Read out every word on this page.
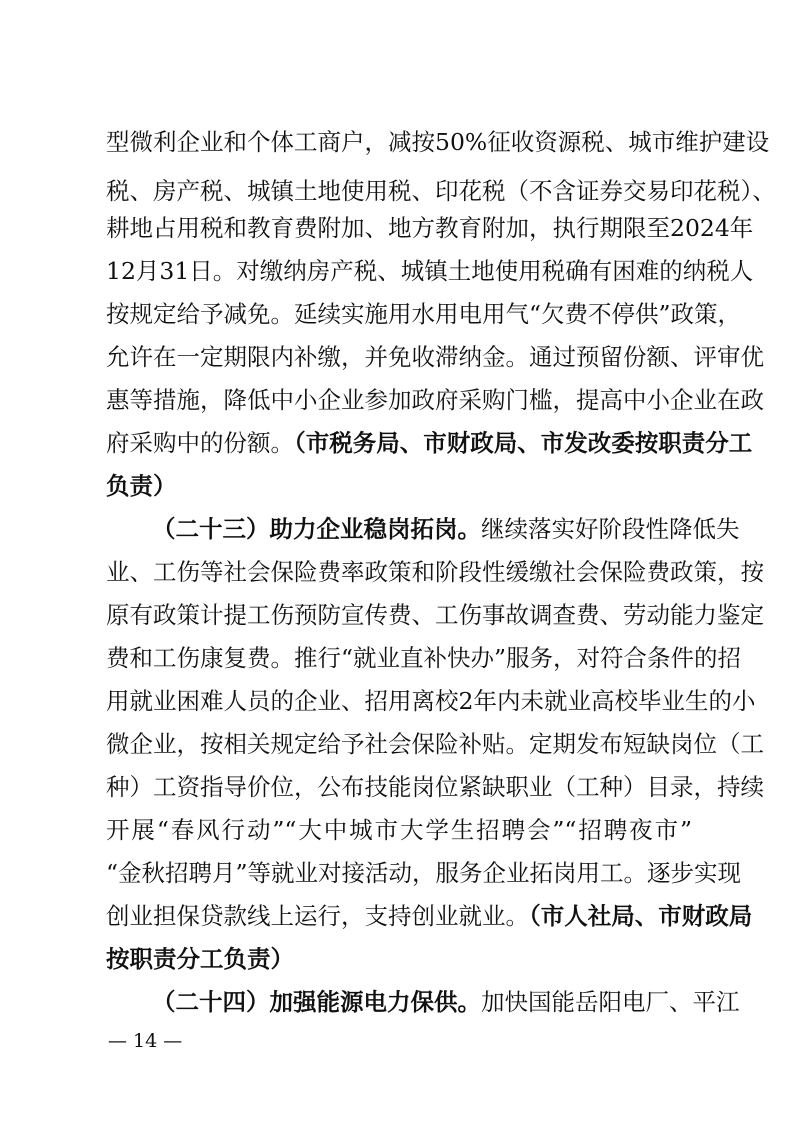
型微利企业和个体工商户，减按50%征收资源税、城市维护建设
税、房产税、城镇土地使用税、印花税（不含证券交易印花税）、
耕地占用税和教育费附加、地方教育附加，执行期限至2024年
12月31日。对缴纳房产税、城镇土地使用税确有困难的纳税人
按规定给予减免。延续实施用水用电用气“欠费不停供”政策，
允许在一定期限内补缴，并免收滞纳金。通过预留份额、评审优
惠等措施，降低中小企业参加政府采购门槛，提高中小企业在政
府采购中的份额。（市税务局、市财政局、市发改委按职责分工
负责）
（二十三）助力企业稳岗拓岗。继续落实好阶段性降低失
业、工伤等社会保险费率政策和阶段性缓缴社会保险费政策，按
原有政策计提工伤预防宣传费、工伤事故调查费、劳动能力鉴定
费和工伤康复费。推行“就业直补快办”服务，对符合条件的招
用就业困难人员的企业、招用离校2年内未就业高校毕业生的小
微企业，按相关规定给予社会保险补贴。定期发布短缺岗位（工
种）工资指导价位，公布技能岗位紧缺职业（工种）目录，持续
开展“春风行动”“大中城市大学生招聘会”“招聘夜市”
“金秋招聘月”等就业对接活动，服务企业拓岗用工。逐步实现
创业担保贷款线上运行，支持创业就业。（市人社局、市财政局
按职责分工负责）
（二十四）加强能源电力保供。加快国能岳阳电厂、平江
— 14 —
